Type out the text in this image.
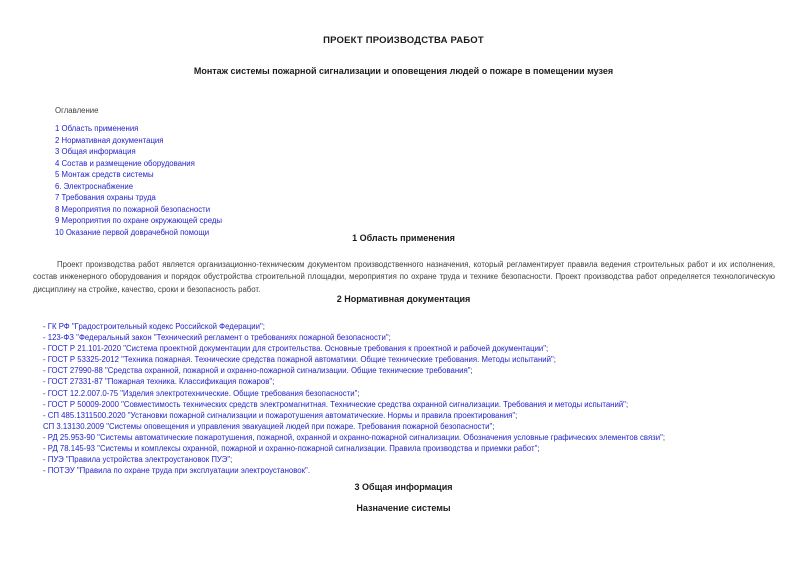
ПРОЕКТ ПРОИЗВОДСТВА РАБОТ
Монтаж системы пожарной сигнализации и оповещения людей о пожаре в помещении музея
Оглавление
1 Область применения
2 Нормативная документация
3 Общая информация
4 Состав и размещение оборудования
5 Монтаж средств системы
6. Электроснабжение
7 Требования охраны труда
8 Мероприятия по пожарной безопасности
9 Мероприятия по охране окружающей среды
10 Оказание первой доврачебной помощи
1 Область применения

Проект производства работ является организационно-техническим документом производственного назначения, который регламентирует правила ведения строительных работ и их исполнения, состав инженерного оборудования и порядок обустройства строительной площадки, мероприятия по охране труда и технике безопасности. Проект производства работ определяется технологическую дисциплину на стройке, качество, сроки и безопасность работ.

2 Нормативная документация
- ГК РФ "Градостроительный кодекс Российской Федерации";
- 123-ФЗ "Федеральный закон "Технический регламент о требованиях пожарной безопасности";
- ГОСТ Р 21.101-2020 "Система проектной документации для строительства. Основные требования к проектной и рабочей документации";
- ГОСТ Р 53325-2012 "Техника пожарная. Технические средства пожарной автоматики. Общие технические требования. Методы испытаний";
- ГОСТ 27990-88 "Средства охранной, пожарной и охранно-пожарной сигнализации. Общие технические требования";
- ГОСТ 27331-87 "Пожарная техника. Классификация пожаров";
- ГОСТ 12.2.007.0-75 "Изделия электротехнические. Общие требования безопасности";
- ГОСТ Р 50009-2000 "Совместимость технических средств электромагнитная. Технические средства охранной сигнализации. Требования и методы испытаний";
- СП 485.1311500.2020 "Установки пожарной сигнализации и пожаротушения автоматические. Нормы и правила проектирования";
СП 3.13130.2009 "Системы оповещения и управления эвакуацией людей при пожаре. Требования пожарной безопасности";
- РД 25.953-90 "Системы автоматические пожаротушения, пожарной, охранной и охранно-пожарной сигнализации. Обозначения условные графических элементов связи";
- РД 78.145-93 "Системы и комплексы охранной, пожарной и охранно-пожарной сигнализации. Правила производства и приемки работ";
- ПУЭ "Правила устройства электроустановок ПУЭ";
- ПОТЭУ "Правила по охране труда при эксплуатации электроустановок".
3 Общая информация
Назначение системы
